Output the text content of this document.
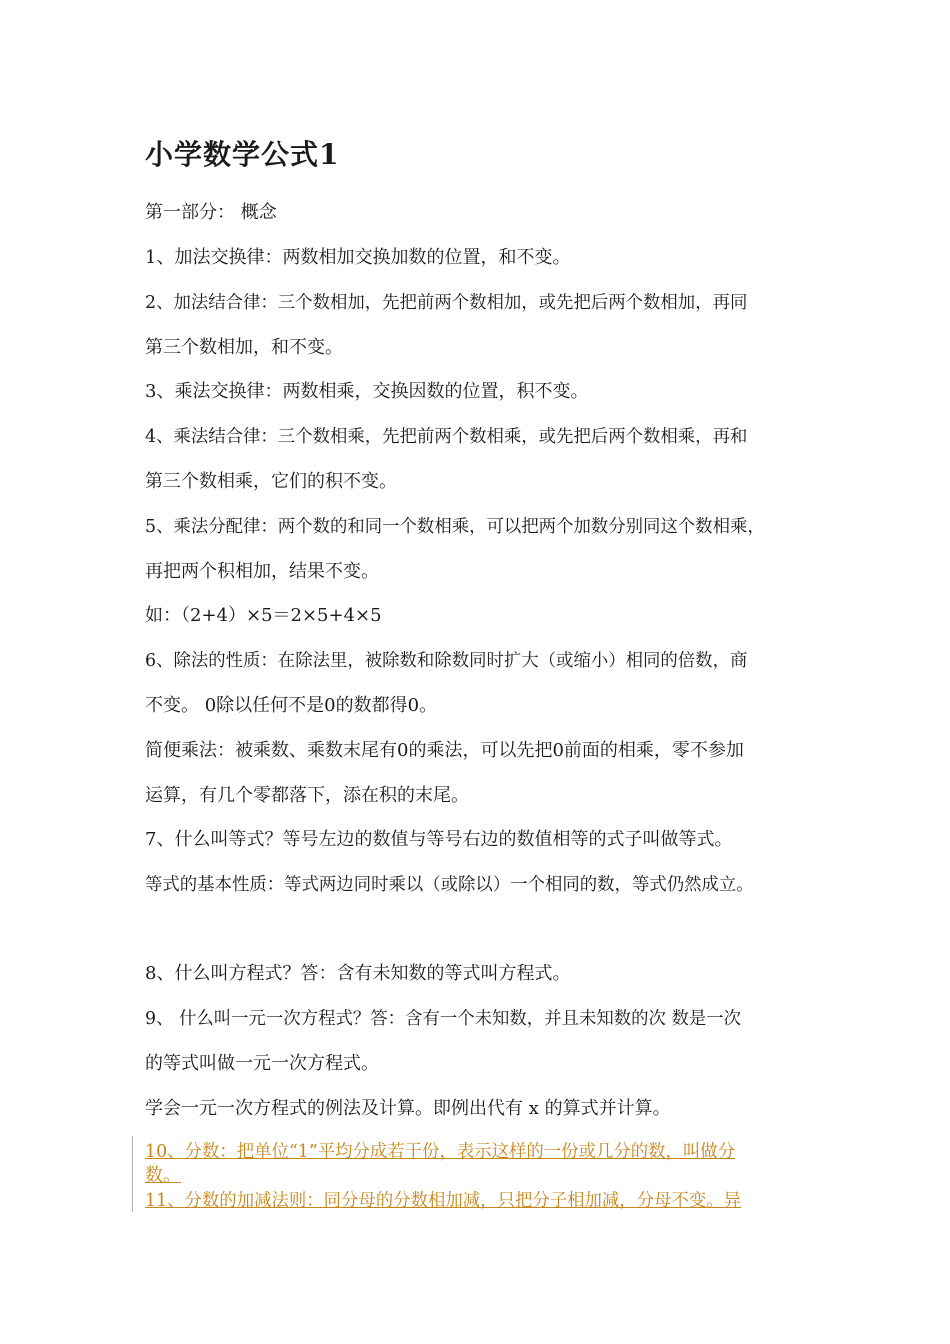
小学数学公式1
第一部分： 概念
1、加法交换律：两数相加交换加数的位置，和不变。
2、加法结合律：三个数相加，先把前两个数相加，或先把后两个数相加，再同
第三个数相加，和不变。
3、乘法交换律：两数相乘，交换因数的位置，积不变。
4、乘法结合律：三个数相乘，先把前两个数相乘，或先把后两个数相乘，再和
第三个数相乘，它们的积不变。
5、乘法分配律：两个数的和同一个数相乘，可以把两个加数分别同这个数相乘，
再把两个积相加，结果不变。
如：（2+4）×5＝2×5+4×5
6、除法的性质：在除法里，被除数和除数同时扩大（或缩小）相同的倍数，商
不变。 0除以任何不是0的数都得0。
简便乘法：被乘数、乘数末尾有0的乘法，可以先把0前面的相乘，零不参加
运算，有几个零都落下，添在积的末尾。
7、什么叫等式？等号左边的数值与等号右边的数值相等的式子叫做等式。
等式的基本性质：等式两边同时乘以（或除以）一个相同的数，等式仍然成立。
8、什么叫方程式？答：含有未知数的等式叫方程式。
9、 什么叫一元一次方程式？答：含有一个未知数，并且未知数的次 数是一次
的等式叫做一元一次方程式。
学会一元一次方程式的例法及计算。即例出代有 x 的算式并计算。
10、分数：把单位“1”平均分成若干份，表示这样的一份或几分的数，叫做分
数。
11、分数的加减法则：同分母的分数相加减，只把分子相加减，分母不变。异
